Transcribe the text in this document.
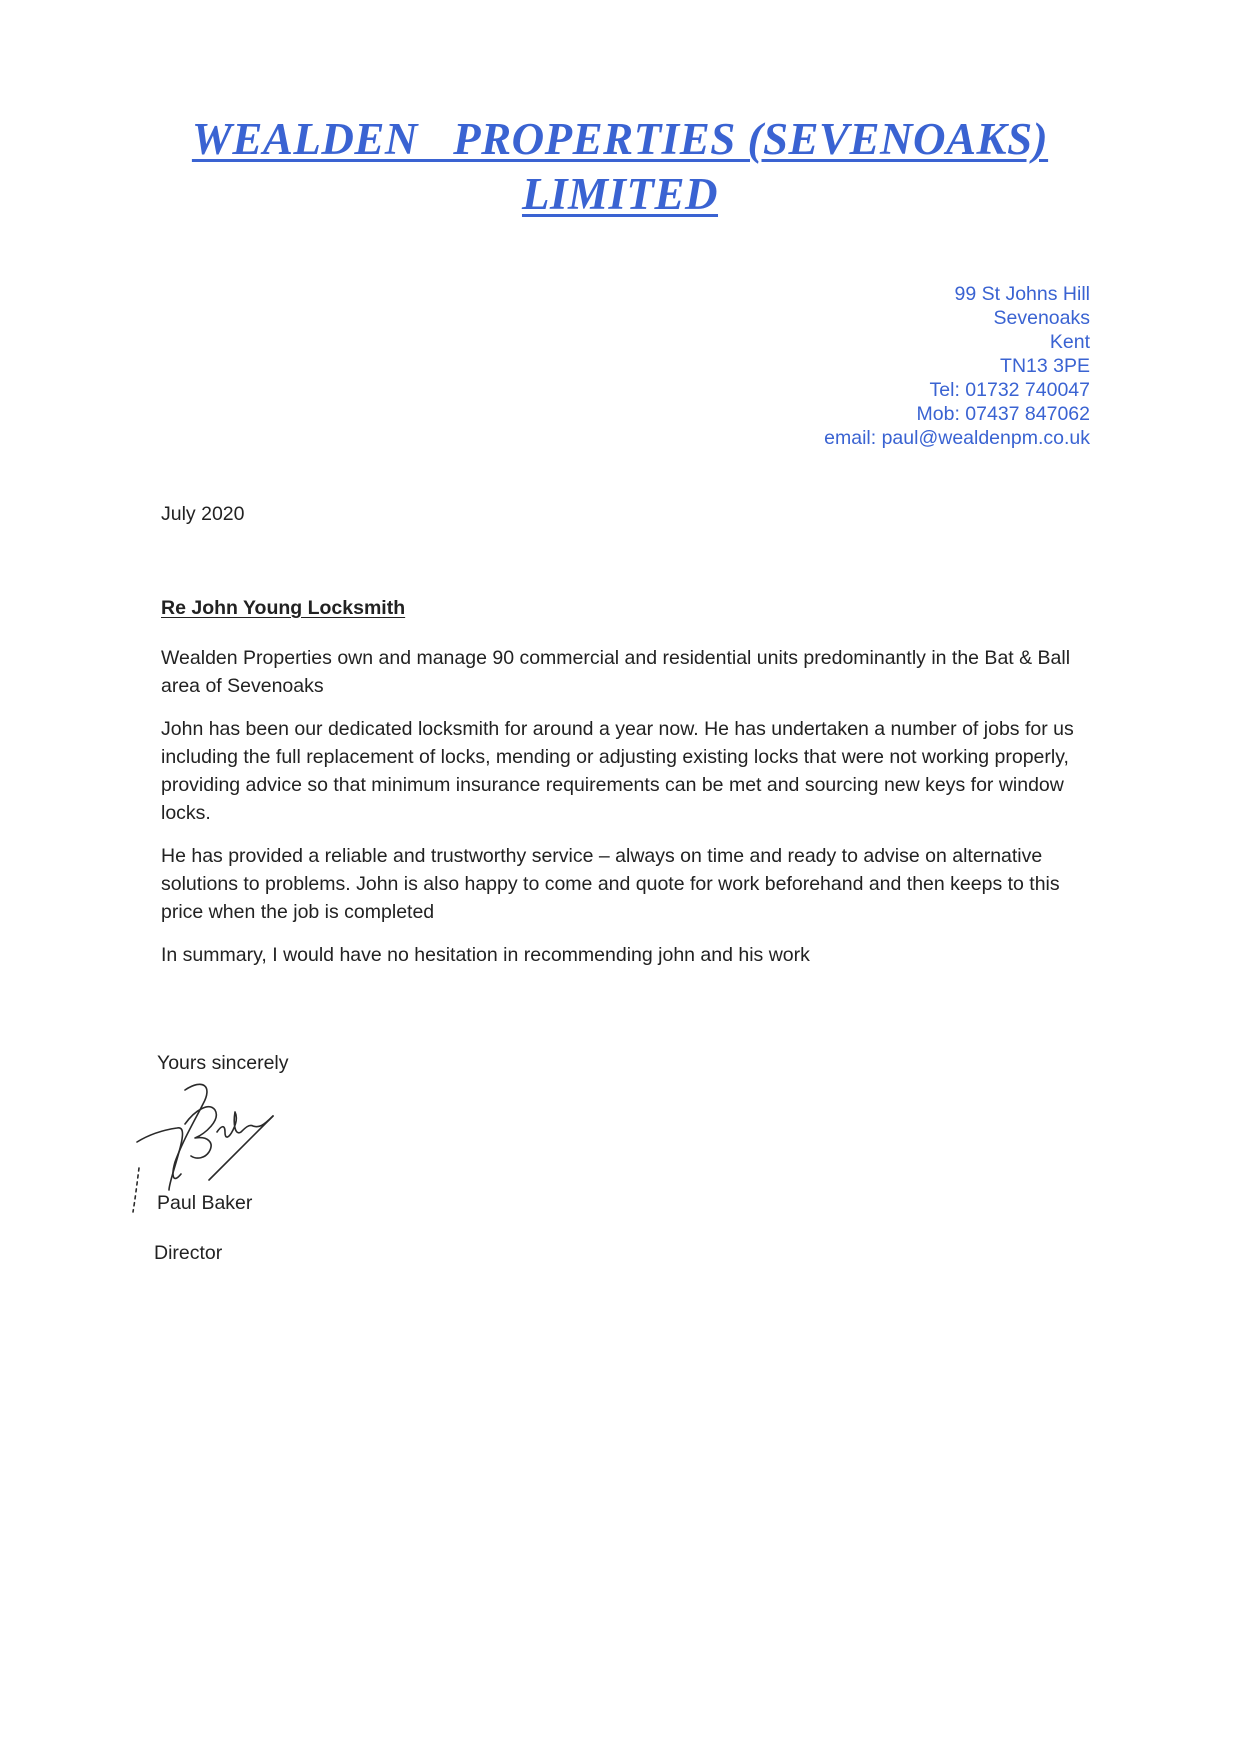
WEALDEN   PROPERTIES (SEVENOAKS)
LIMITED
99 St Johns Hill
Sevenoaks
Kent
TN13 3PE
Tel: 01732 740047
Mob: 07437 847062
email: paul@wealdenpm.co.uk
July 2020
Re John Young Locksmith

Wealden Properties own and manage 90 commercial and residential units predominantly in the Bat & Ball area of Sevenoaks

John has been our dedicated locksmith for around a year now. He has undertaken a number of jobs for us including the full replacement of locks, mending or adjusting existing locks that were not working properly, providing advice so that minimum insurance requirements can be met and sourcing new keys for window locks.

He has provided a reliable and trustworthy service – always on time and ready to advise on alternative solutions to problems. John is also happy to come and quote for work beforehand and then keeps to this price when the job is completed

In summary, I would have no hesitation in recommending john and his work

Yours sincerely
Paul Baker
Director
